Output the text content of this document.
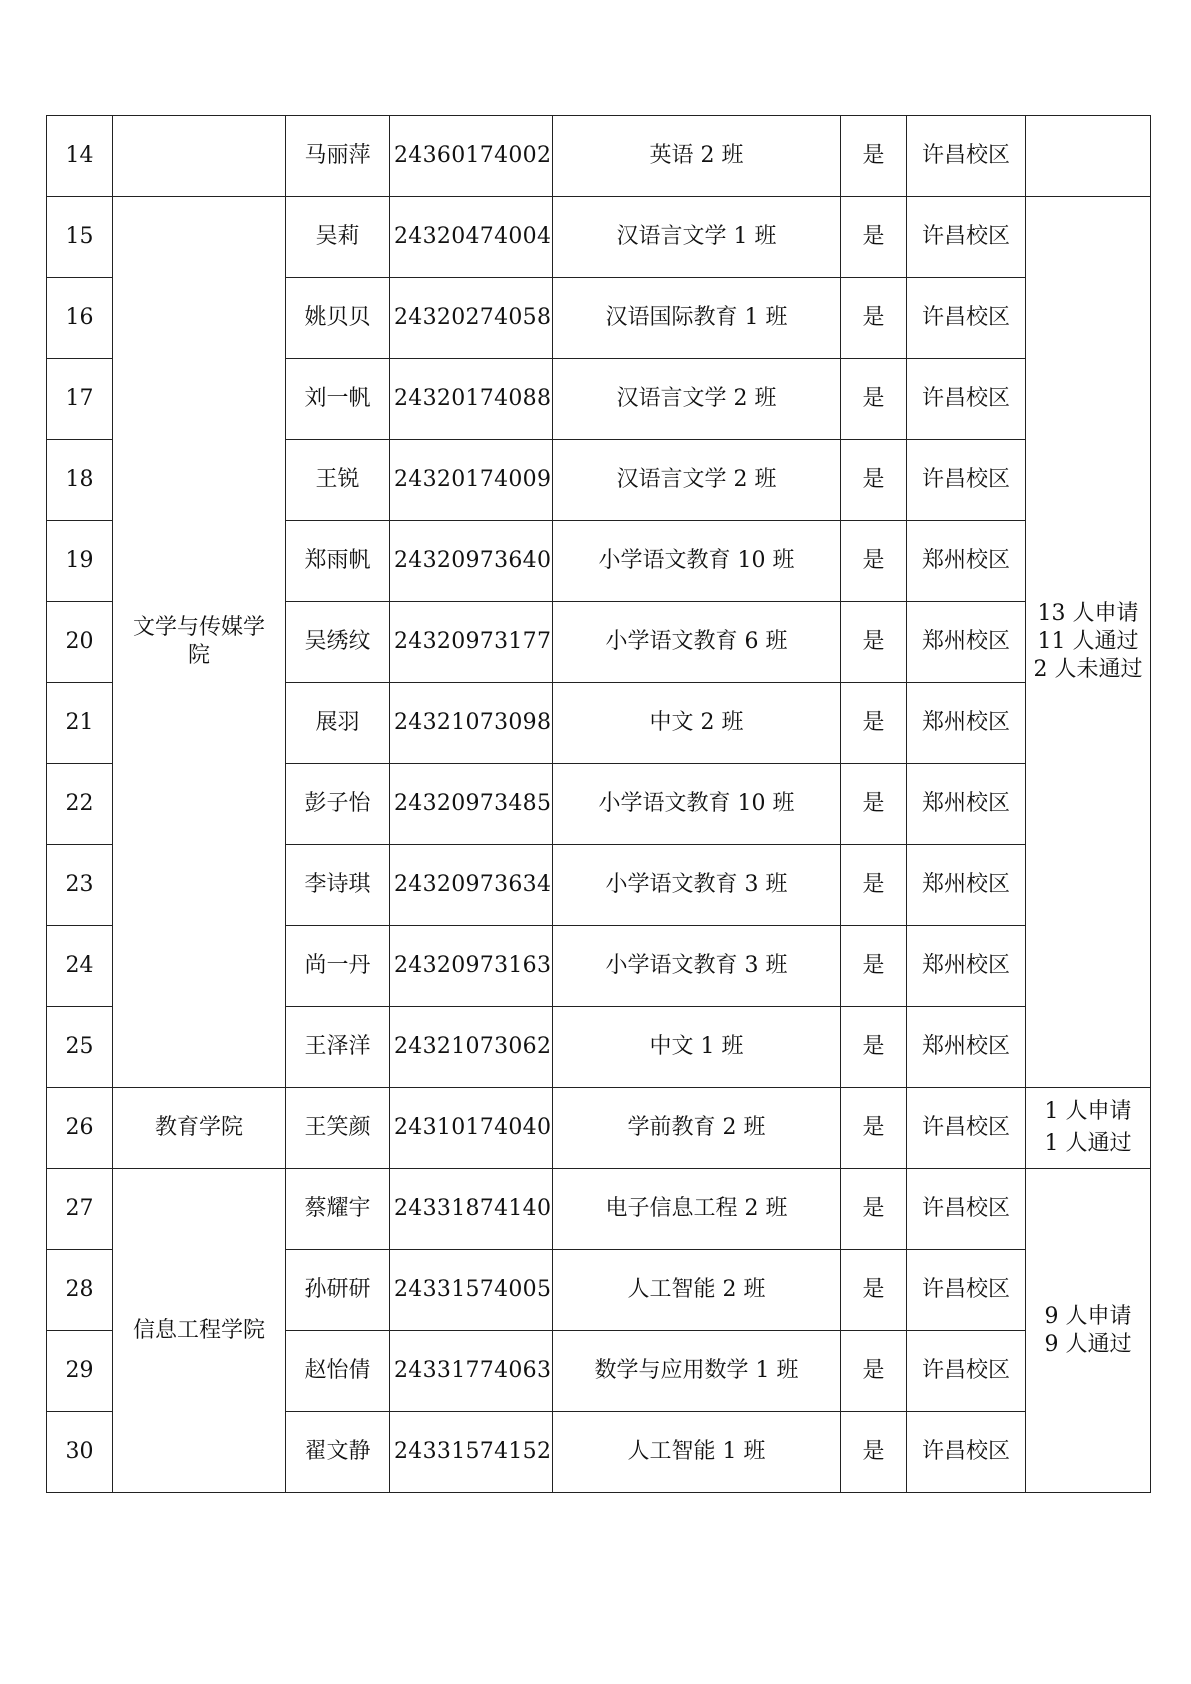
14		马丽萍	24360174002	英语 2 班	是	许昌校区	
15	文学与传媒学院	吴莉	24320474004	汉语言文学 1 班	是	许昌校区	13 人申请
11 人通过
2 人未通过

16		姚贝贝	24320274058	汉语国际教育 1 班	是	许昌校区	
17		刘一帆	24320174088	汉语言文学 2 班	是	许昌校区	
18		王锐	24320174009	汉语言文学 2 班	是	许昌校区	
19		郑雨帆	24320973640	小学语文教育 10 班	是	郑州校区	
20		吴绣纹	24320973177	小学语文教育 6 班	是	郑州校区	
21		展羽	24321073098	中文 2 班	是	郑州校区	
22		彭子怡	24320973485	小学语文教育 10 班	是	郑州校区	
23		李诗琪	24320973634	小学语文教育 3 班	是	郑州校区	
24		尚一丹	24320973163	小学语文教育 3 班	是	郑州校区	
25		王泽洋	24321073062	中文 1 班	是	郑州校区	
26	教育学院	王笑颜	24310174040	学前教育 2 班	是	许昌校区	1 人申请
1 人通过

27	信息工程学院	蔡耀宇	24331874140	电子信息工程 2 班	是	许昌校区	9 人申请
9 人通过

28		孙研研	24331574005	人工智能 2 班	是	许昌校区	
29		赵怡倩	24331774063	数学与应用数学 1 班	是	许昌校区	
30		翟文静	24331574152	人工智能 1 班	是	许昌校区	
